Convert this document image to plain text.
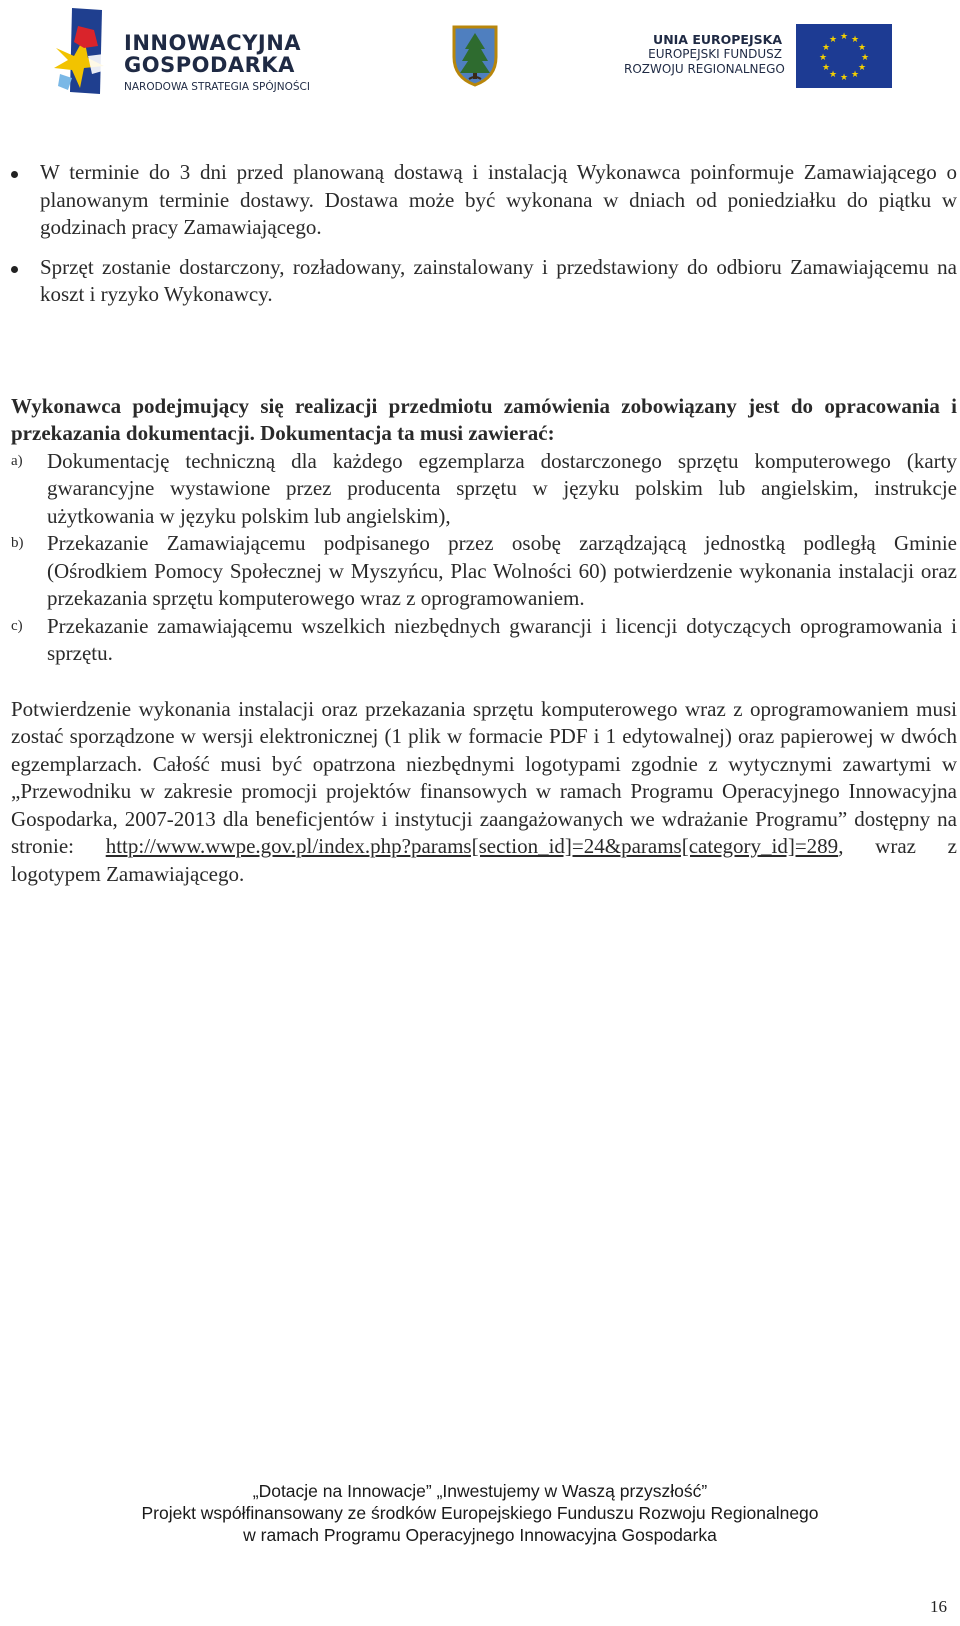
INNOWACYJNA
GOSPODARKA
NARODOWA STRATEGIA SPÓJNOŚCI
UNIA EUROPEJSKA
EUROPEJSKI FUNDUSZ
ROZWOJU REGIONALNEGO
★ ★
★
★
★
★
★
★
★
★
★
★
W terminie do 3 dni przed planowaną dostawą i instalacją Wykonawca poinformuje Zamawiającego o planowanym terminie dostawy. Dostawa może być wykonana w dniach od poniedziałku do piątku w godzinach pracy Zamawiającego.
Sprzęt zostanie dostarczony, rozładowany, zainstalowany i przedstawiony do odbioru Zamawiającemu na koszt i ryzyko Wykonawcy.
Wykonawca podejmujący się realizacji przedmiotu zamówienia zobowiązany jest do opracowania i przekazania dokumentacji. Dokumentacja ta musi zawierać:
a) Dokumentację techniczną dla każdego egzemplarza dostarczonego sprzętu komputerowego (karty gwarancyjne wystawione przez producenta sprzętu w języku polskim lub angielskim, instrukcje użytkowania w języku polskim lub angielskim),
b) Przekazanie Zamawiającemu podpisanego przez osobę zarządzającą jednostką podległą Gminie (Ośrodkiem Pomocy Społecznej w Myszyńcu, Plac Wolności 60) potwierdzenie wykonania instalacji oraz przekazania sprzętu komputerowego wraz z oprogramowaniem.
c) Przekazanie zamawiającemu wszelkich niezbędnych gwarancji i licencji dotyczących oprogramowania i sprzętu.
Potwierdzenie wykonania instalacji oraz przekazania sprzętu komputerowego wraz z oprogramowaniem musi zostać sporządzone w wersji elektronicznej (1 plik w formacie PDF i 1 edytowalnej) oraz papierowej w dwóch egzemplarzach. Całość musi być opatrzona niezbędnymi logotypami zgodnie z wytycznymi zawartymi w „Przewodniku w zakresie promocji projektów finansowych w ramach Programu Operacyjnego Innowacyjna Gospodarka, 2007-2013 dla beneficjentów i instytucji zaangażowanych we wdrażanie Programu” dostępny na stronie: http://www.wwpe.gov.pl/index.php?params[section_id]=24&params[category_id]=289, wraz z logotypem Zamawiającego.
„Dotacje na Innowacje” „Inwestujemy w Waszą przyszłość”
Projekt współfinansowany ze środków Europejskiego Funduszu Rozwoju Regionalnego
w ramach Programu Operacyjnego Innowacyjna Gospodarka
16
